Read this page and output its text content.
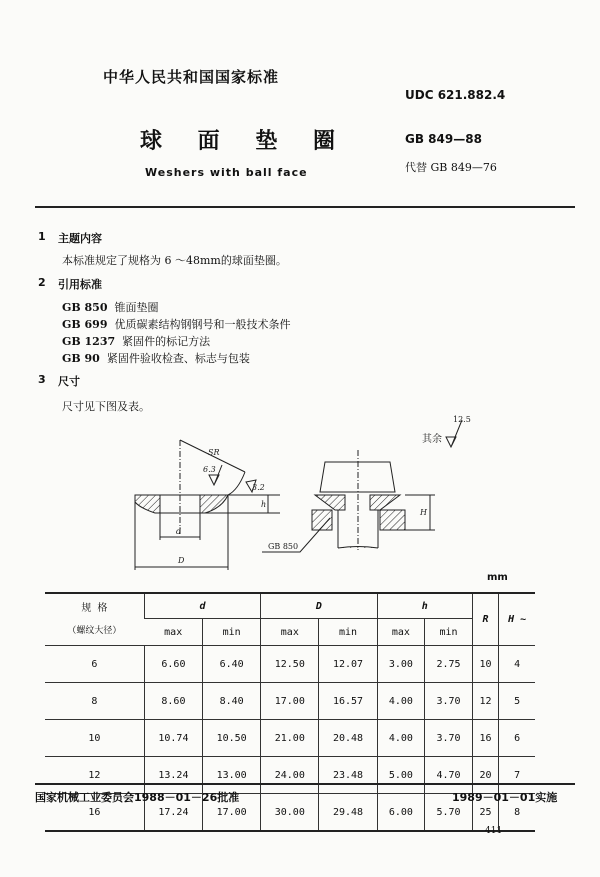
中华人民共和国国家标准
UDC 621.882.4
球 面 垫 圈	GB 849—88
代替 GB 849—76
Weshers with ball face
1 主题内容
本标准规定了规格为 6 ～48mm的球面垫圈。
2 引用标准
GB 850 锥面垫圈
GB 699 优质碳素结构钢钢号和一般技术条件
GB 1237 紧固件的标记方法
GB 90 紧固件验收检查、标志与包装
3 尺寸
尺寸见下图及表。
SR
6.3
3.2
d
D
h
H
GB 850
12.5
其余
mm
规 格
（螺纹大径）	d		D		h		R	H ~
	max	min	max	min	max	min		
6	6.60	6.40	12.50	12.07	3.00	2.75	10	4
8	8.60	8.40	17.00	16.57	4.00	3.70	12	5
10	10.74	10.50	21.00	20.48	4.00	3.70	16	6
12	13.24	13.00	24.00	23.48	5.00	4.70	20	7
16	17.24	17.00	30.00	29.48	6.00	5.70	25	8
国家机械工业委员会1988－01－26批准	1989－01－01实施
411
